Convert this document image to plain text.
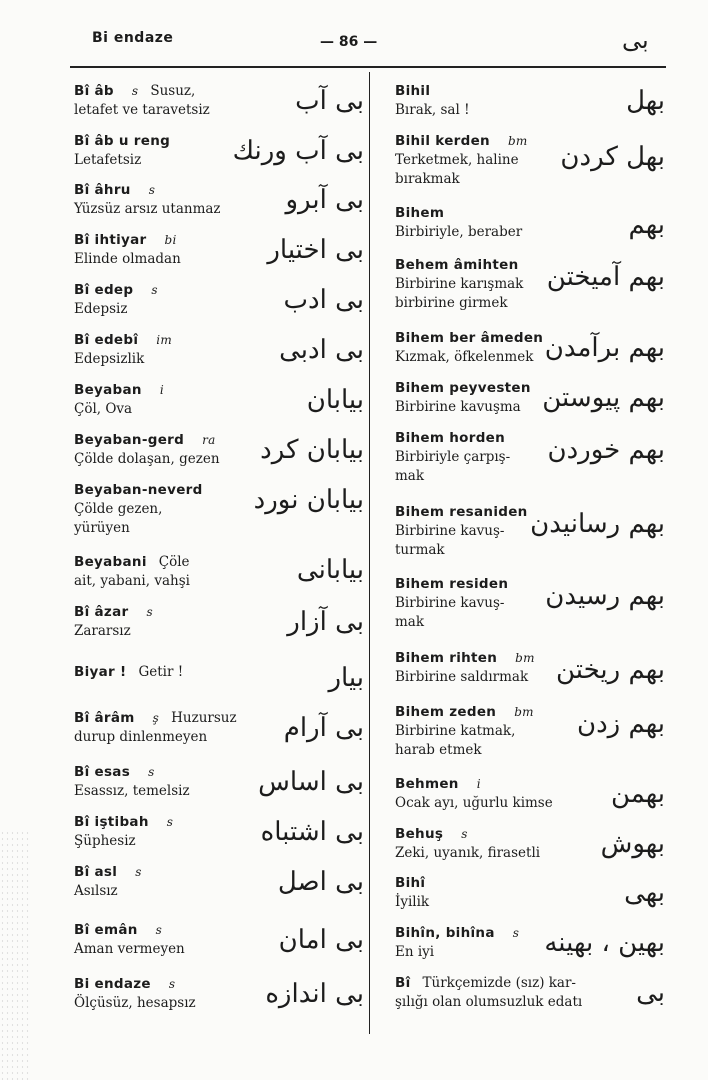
Bi endaze	— 86 —	بى
Bî âb s Susuz,
letafet ve taravetsiz	بى آب
Bî âb u reng
Letafetsiz	بى آب ورنك
Bî âhru s
Yüzsüz arsız utanmaz	بى آبرو
Bî ihtiyar bi
Elinde olmadan	بى اختيار
Bî edep s
Edepsiz	بى ادب
Bî edebî im
Edepsizlik	بى ادبى
Beyaban i
Çöl, Ova	بيابان
Beyaban-gerd ra
Çölde dolaşan, gezen	بيابان كرد
Beyaban-neverd
Çölde gezen,
yürüyen
بيابان نورد
Beyabani Çöle
ait, yabani, vahşi	بيابانى
Bî âzar s
Zararsız	بى آزار
Biyar ! Getir !	بيار
Bî ârâm ş Huzursuz
durup dinlenmeyen	بى آرام
Bî esas s
Esassız, temelsiz	بى اساس
Bî iştibah s
Şüphesiz	بى اشتباه
Bî asl s
Asılsız	بى اصل
Bî emân s
Aman vermeyen	بى امان
Bi endaze s
Ölçüsüz, hesapsız	بى اندازه
Bihil
Bırak, sal !	بهل
Bihil kerden bm
Terketmek, haline
bırakmak
بهل كردن
Bihem
Birbiriyle, beraber	بهم
Behem âmihten
Birbirine karışmak
birbirine girmek
بهم آميختن
Bihem ber âmeden
Kızmak, öfkelenmek بهم برآمدن
Bihem peyvesten
Birbirine kavuşma بهم پيوستن
Bihem horden
Birbiriyle çarpış-
mak
بهم خوردن
Bihem resaniden
Birbirine kavuş-
turmak
بهم رسانيدن
Bihem residen
Birbirine kavuş-
mak
بهم رسيدن
Bihem rihten bm
Birbirine saldırmak	بهم ريختن
Bihem zeden bm
Birbirine katmak,
harab etmek
بهم زدن
Behmen i
Ocak ayı, uğurlu kimse	بهمن
Behuş s
Zeki, uyanık, firasetli	بهوش
Bihî
İyilik	بهى
Bihîn, bihîna s
En iyi	بهين ، بهينه
Bî Türkçemizde (sız) kar-
şılığı olan olumsuzluk edatı	بى
